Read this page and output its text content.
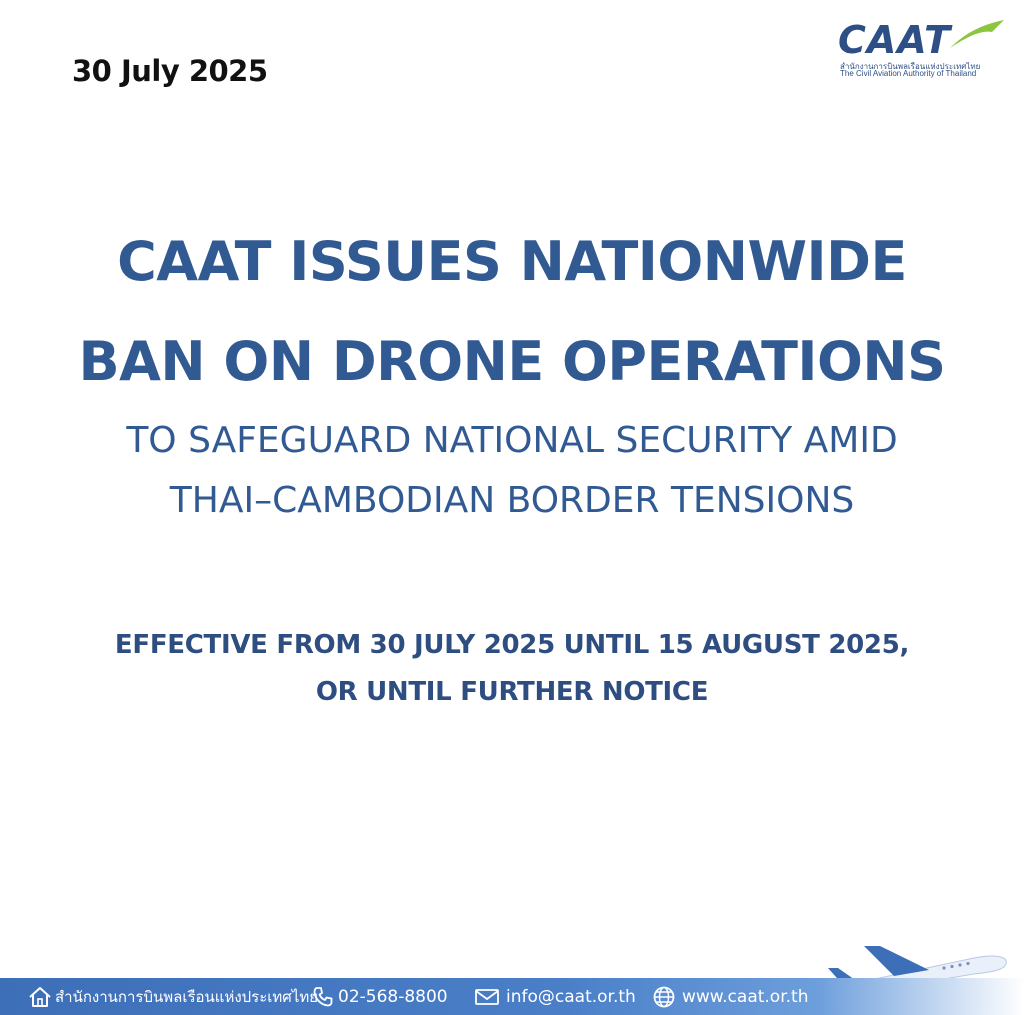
30 July 2025
CAAT
สำนักงานการบินพลเรือนแห่งประเทศไทย
The Civil Aviation Authority of Thailand
CAAT ISSUES NATIONWIDE
BAN ON DRONE OPERATIONS
TO SAFEGUARD NATIONAL SECURITY AMID
THAI–CAMBODIAN BORDER TENSIONS
EFFECTIVE FROM 30 JULY 2025 UNTIL 15 AUGUST 2025,
OR UNTIL FURTHER NOTICE
สำนักงานการบินพลเรือนแห่งประเทศไทย 02-568-8800	info@caat.or.th	www.caat.or.th
